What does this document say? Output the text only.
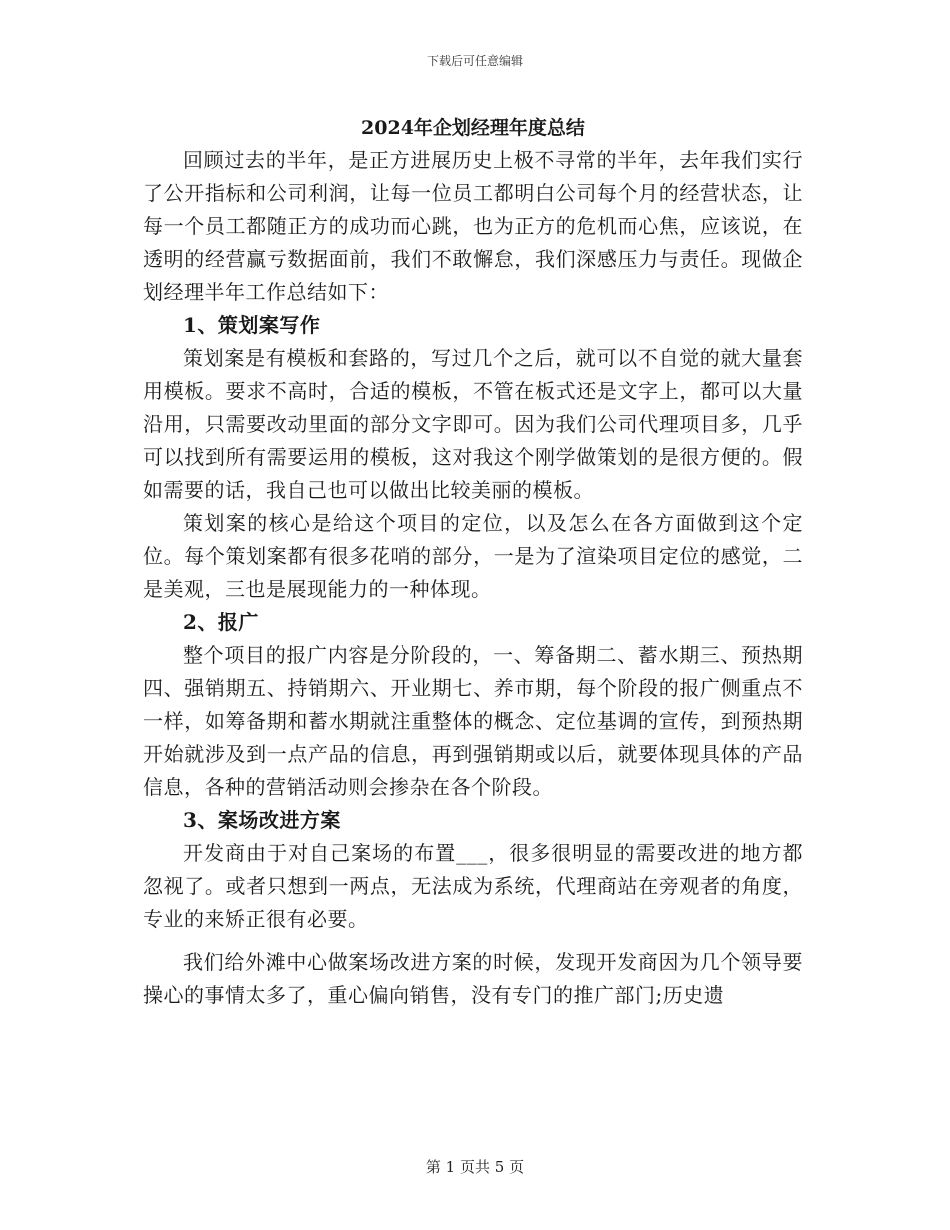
下载后可任意编辑
2024年企划经理年度总结

回顾过去的半年，是正方进展历史上极不寻常的半年，去年我们实行了公开指标和公司利润，让每一位员工都明白公司每个月的经营状态，让每一个员工都随正方的成功而心跳，也为正方的危机而心焦，应该说，在透明的经营赢亏数据面前，我们不敢懈怠，我们深感压力与责任。现做企划经理半年工作总结如下：

1、策划案写作

策划案是有模板和套路的，写过几个之后，就可以不自觉的就大量套用模板。要求不高时，合适的模板，不管在板式还是文字上，都可以大量沿用，只需要改动里面的部分文字即可。因为我们公司代理项目多，几乎可以找到所有需要运用的模板，这对我这个刚学做策划的是很方便的。假如需要的话，我自己也可以做出比较美丽的模板。

策划案的核心是给这个项目的定位，以及怎么在各方面做到这个定位。每个策划案都有很多花哨的部分，一是为了渲染项目定位的感觉，二是美观，三也是展现能力的一种体现。

2、报广

整个项目的报广内容是分阶段的，一、筹备期二、蓄水期三、预热期四、强销期五、持销期六、开业期七、养市期，每个阶段的报广侧重点不一样，如筹备期和蓄水期就注重整体的概念、定位基调的宣传，到预热期开始就涉及到一点产品的信息，再到强销期或以后，就要体现具体的产品信息，各种的营销活动则会掺杂在各个阶段。

3、案场改进方案

开发商由于对自己案场的布置___，很多很明显的需要改进的地方都忽视了。或者只想到一两点，无法成为系统，代理商站在旁观者的角度，专业的来矫正很有必要。

我们给外滩中心做案场改进方案的时候，发现开发商因为几个领导要操心的事情太多了，重心偏向销售，没有专门的推广部门;历史遗

第 1 页共 5 页
